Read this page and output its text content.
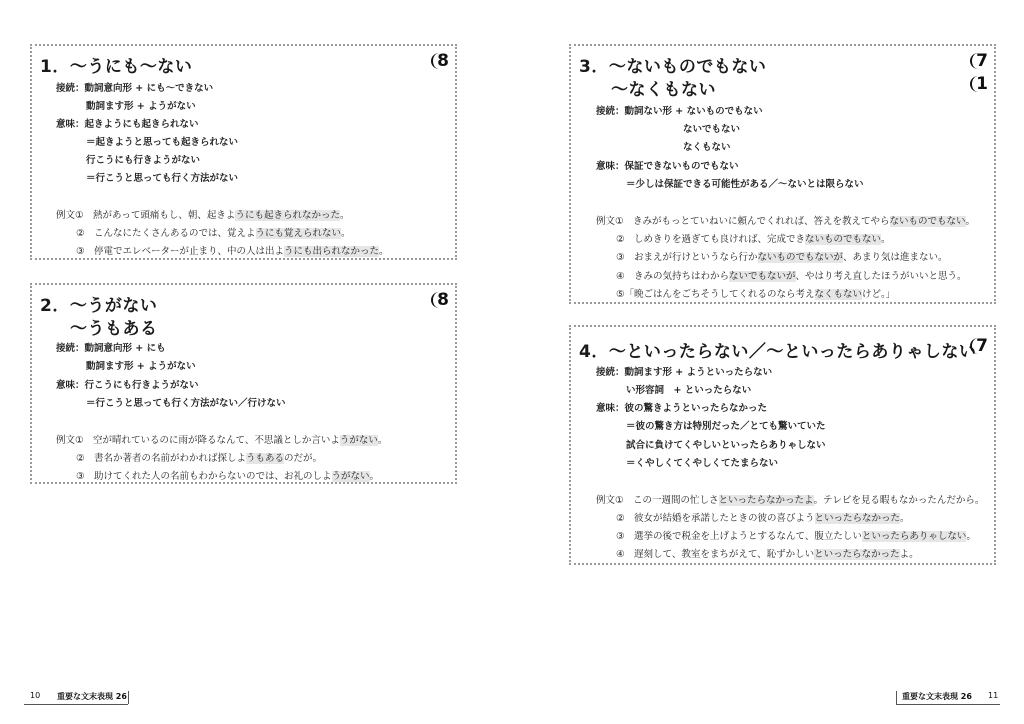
1．～うにも～ない	8
接続：動詞意向形 + にも～できない
動詞ます形 + ようがない
意味：起きようにも起きられない
＝起きようと思っても起きられない
行こうにも行きようがない
＝行こうと思っても行く方法がない
例文①　熱があって頭痛もし、朝、起きようにも起きられなかった。
②　こんなにたくさんあるのでは、覚えようにも覚えられない。
③　停電でエレベーターが止まり、中の人は出ようにも出られなかった。
2．～うがない
～うもある
8
接続：動詞意向形 + にも
動詞ます形 + ようがない
意味：行こうにも行きようがない
＝行こうと思っても行く方法がない／行けない
例文①　空が晴れているのに雨が降るなんて、不思議としか言いようがない。
②　書名か著者の名前がわかれば探しようもあるのだが。
③　助けてくれた人の名前もわからないのでは、お礼のしようがない。
3．～ないものでもない
～なくもない
7
1
接続：動詞ない形 + ないものでもない
ないでもない
なくもない
意味：保証できないものでもない
＝少しは保証できる可能性がある／～ないとは限らない
例文①　きみがもっとていねいに頼んでくれれば、答えを教えてやらないものでもない。
②　しめきりを過ぎても良ければ、完成できないものでもない。
③　おまえが行けというなら行かないものでもないが、あまり気は進まない。
④　きみの気持ちはわからないでもないが、やはり考え直したほうがいいと思う。
⑤「晩ごはんをごちそうしてくれるのなら考えなくもないけど。」
4．～といったらない／～といったらありゃしない 7
接続：動詞ます形 + ようといったらない
い形容詞　+ といったらない
意味：彼の驚きようといったらなかった
＝彼の驚き方は特別だった／とても驚いていた
試合に負けてくやしいといったらありゃしない
＝くやしくてくやしくてたまらない
例文①　この一週間の忙しさといったらなかったよ。テレビを見る暇もなかったんだから。
②　彼女が結婚を承諾したときの彼の喜びようといったらなかった。
③　選挙の後で税金を上げようとするなんて、腹立たしいといったらありゃしない。
④　遅刻して、教室をまちがえて、恥ずかしいといったらなかったよ。
10 重要な文末表現 26	重要な文末表現 26 11
